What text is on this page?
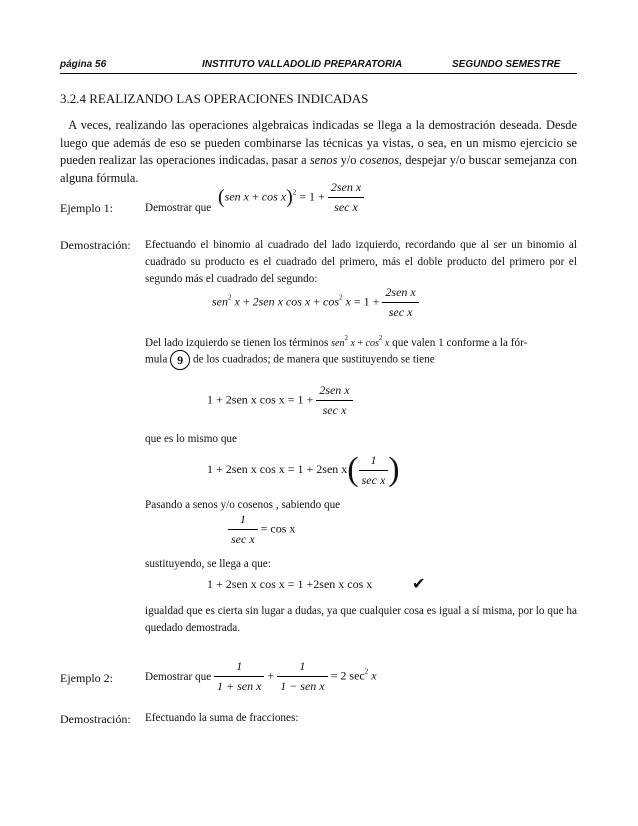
página 56	INSTITUTO VALLADOLID PREPARATORIA	SEGUNDO SEMESTRE
3.2.4 REALIZANDO LAS OPERACIONES INDICADAS
A veces, realizando las operaciones algebraicas indicadas se llega a la demostración deseada. Desde luego que además de eso se pueden combinarse las técnicas ya vistas, o sea, en un mismo ejercicio se pueden realizar las operaciones indicadas, pasar a senos y/o cosenos, despejar y/o buscar semejanza con alguna fórmula.
Ejemplo 1:	Demostrar que (sen $x + \cos x)^2 = 1 + \frac{\text{2sen x}}{\text{sec x}}$
Demostración: Efectuando el binomio al cuadrado del lado izquierdo, recordando que al ser un binomio al cuadrado su producto es el cuadrado del primero, más el doble producto del primero por el segundo más el cuadrado del segundo:
sen$^2$ x + 2sen x $\cos x + \cos^2 x = 1 + \frac{\text{2sen x}}{\text{sec x}}$
Del lado izquierdo se tienen los términos sen$^2$ $x + \cos^2 x$ que valen 1 conforme a la fór-
mula 9 de los cuadrados; de manera que sustituyendo se tiene
1 + 2sen x $\cos x = 1 + \frac{\text{2sen x}}{\text{sec x}}$
que es lo mismo que
1 + 2sen x cos x = 1 + 2sen $x( \frac{1}{\text{sec x}}$ )
Pasando a senos y/o cosenos , sabiendo que
$\frac{1}{\text{sec x}} = \cos x$
sustituyendo, se llega a que:
1 + 2sen x cos x = 1 +2sen x cos x ✔
igualdad que es cierta sin lugar a dudas, ya que cualquier cosa es igual a sí misma, por lo que ha quedado demostrada.
Ejemplo 2:	Demostrar que $\frac{1}{\text{1 + sen x}} + \frac{1}{\text{1 − sen x}} = 2$ $\sec^2 x$
Demostración: Efectuando la suma de fracciones:
